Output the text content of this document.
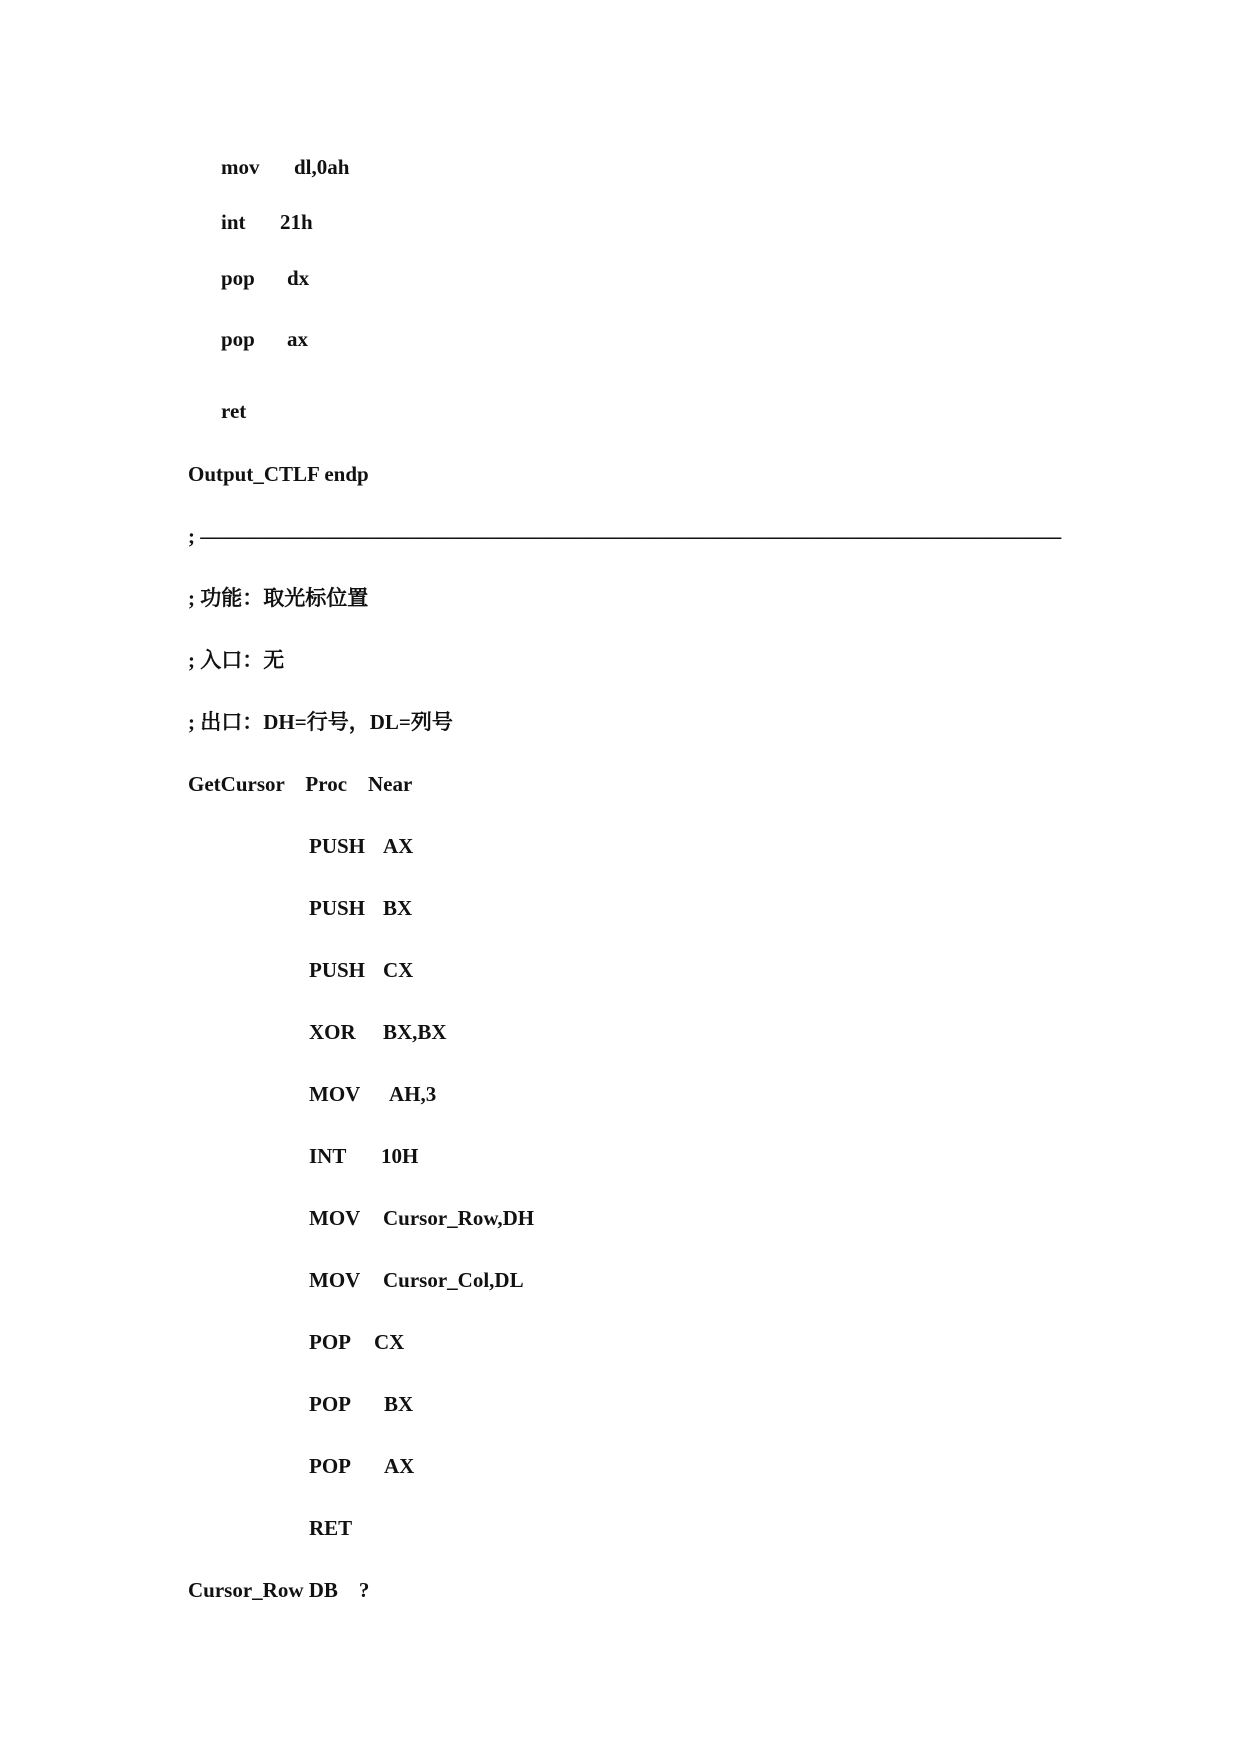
mov dl,0ah
int 21h
pop dx
pop ax
ret
Output_CTLF endp
; ―――――――――――――――――――――――――――――――――――――――――
; 功能：取光标位置
; 入口：无
; 出口：DH=行号，DL=列号
GetCursor    Proc    Near
PUSH AX
PUSH BX
PUSH CX
XOR BX,BX
MOV AH,3
INT 10H
MOV Cursor_Row,DH
MOV Cursor_Col,DL
POP CX
POP BX
POP AX
RET
Cursor_Row DB    ?
